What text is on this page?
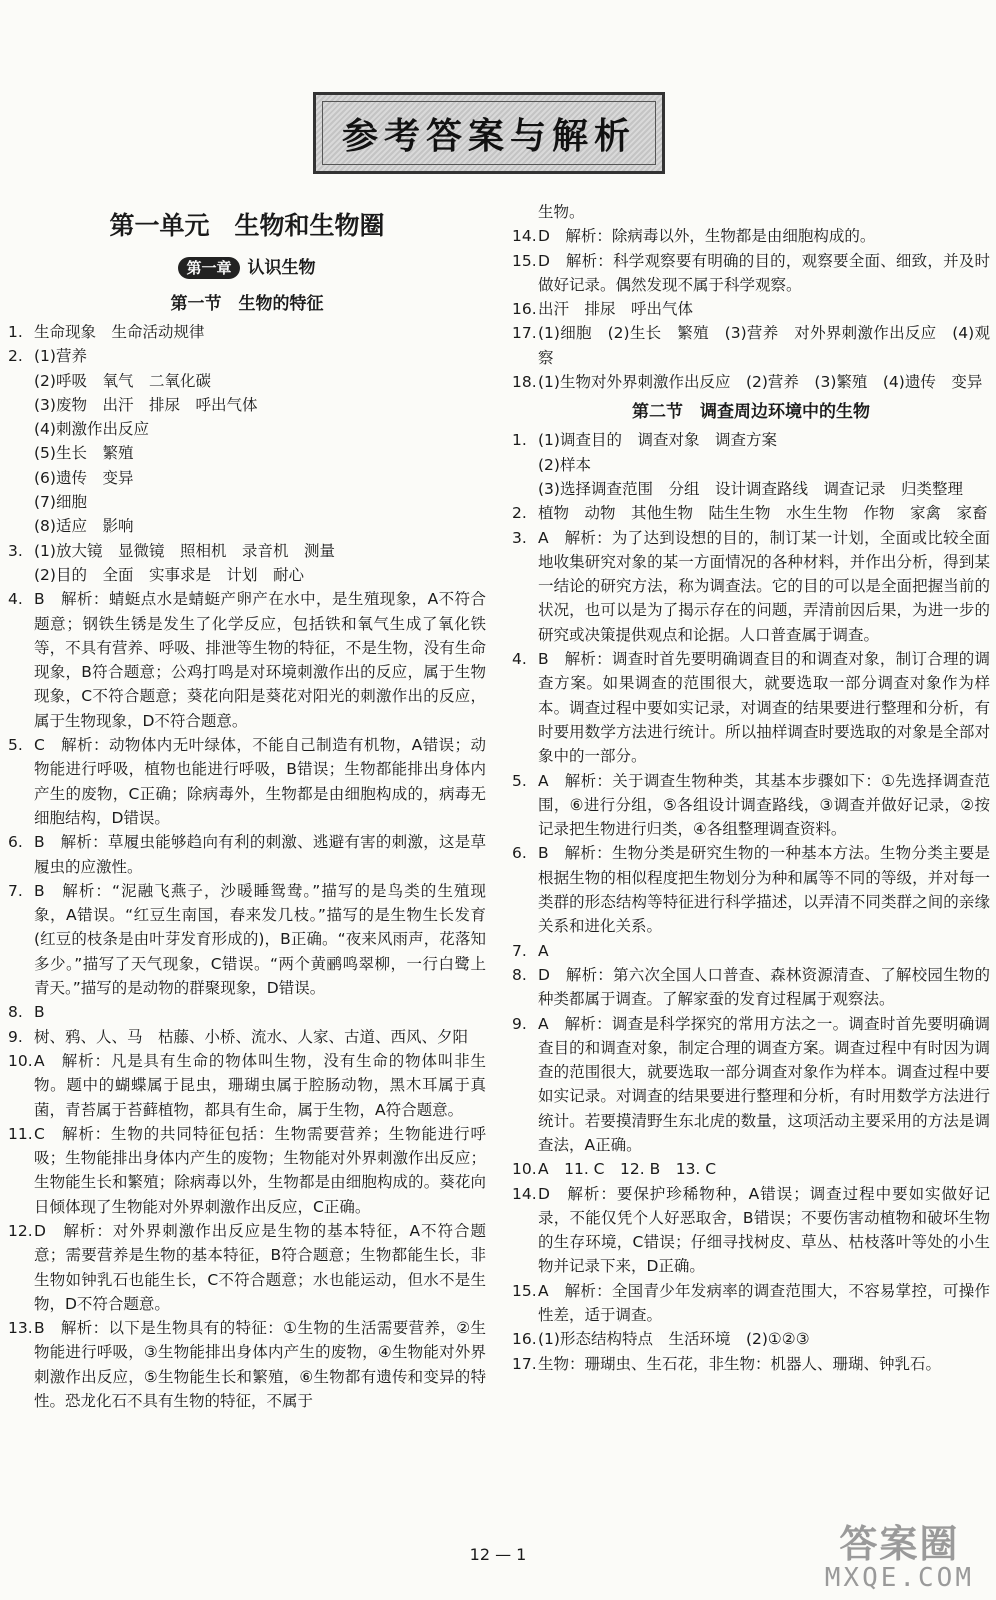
参考答案与解析
第一单元　生物和生物圈
第一章 认识生物
第一节　生物的特征
1. 生命现象　生命活动规律
2. (1)营养
(2)呼吸　氧气　二氧化碳
(3)废物　出汗　排尿　呼出气体
(4)刺激作出反应
(5)生长　繁殖
(6)遗传　变异
(7)细胞
(8)适应　影响
3. (1)放大镜　显微镜　照相机　录音机　测量
(2)目的　全面　实事求是　计划　耐心
4. B　解析：蜻蜓点水是蜻蜓产卵产在水中，是生殖现象，A不符合题意；钢铁生锈是发生了化学反应，包括铁和氧气生成了氧化铁等，不具有营养、呼吸、排泄等生物的特征，不是生物，没有生命现象，B符合题意；公鸡打鸣是对环境刺激作出的反应，属于生物现象，C不符合题意；葵花向阳是葵花对阳光的刺激作出的反应，属于生物现象，D不符合题意。
5. C　解析：动物体内无叶绿体，不能自己制造有机物，A错误；动物能进行呼吸，植物也能进行呼吸，B错误；生物都能排出身体内产生的废物，C正确；除病毒外，生物都是由细胞构成的，病毒无细胞结构，D错误。
6. B　解析：草履虫能够趋向有利的刺激、逃避有害的刺激，这是草履虫的应激性。
7. B　解析：“泥融飞燕子，沙暖睡鸳鸯。”描写的是鸟类的生殖现象，A错误。“红豆生南国，春来发几枝。”描写的是生物生长发育(红豆的枝条是由叶芽发育形成的)，B正确。“夜来风雨声，花落知多少。”描写了天气现象，C错误。“两个黄鹂鸣翠柳，一行白鹭上青天。”描写的是动物的群聚现象，D错误。
8. B
9. 树、鸦、人、马　枯藤、小桥、流水、人家、古道、西风、夕阳
10. A　解析：凡是具有生命的物体叫生物，没有生命的物体叫非生物。题中的蝴蝶属于昆虫，珊瑚虫属于腔肠动物，黑木耳属于真菌，青苔属于苔藓植物，都具有生命，属于生物，A符合题意。
11. C　解析：生物的共同特征包括：生物需要营养；生物能进行呼吸；生物能排出身体内产生的废物；生物能对外界刺激作出反应；生物能生长和繁殖；除病毒以外，生物都是由细胞构成的。葵花向日倾体现了生物能对外界刺激作出反应，C正确。
12. D　解析：对外界刺激作出反应是生物的基本特征，A不符合题意；需要营养是生物的基本特征，B符合题意；生物都能生长，非生物如钟乳石也能生长，C不符合题意；水也能运动，但水不是生物，D不符合题意。
13. B　解析：以下是生物具有的特征：①生物的生活需要营养，②生物能进行呼吸，③生物能排出身体内产生的废物，④生物能对外界刺激作出反应，⑤生物能生长和繁殖，⑥生物都有遗传和变异的特性。恐龙化石不具有生物的特征，不属于
生物。
14. D　解析：除病毒以外，生物都是由细胞构成的。
15. D　解析：科学观察要有明确的目的，观察要全面、细致，并及时做好记录。偶然发现不属于科学观察。
16. 出汗　排尿　呼出气体
17. (1)细胞　(2)生长　繁殖　(3)营养　对外界刺激作出反应　(4)观察
18. (1)生物对外界刺激作出反应　(2)营养　(3)繁殖　(4)遗传　变异
第二节　调查周边环境中的生物
1. (1)调查目的　调查对象　调查方案
(2)样本
(3)选择调查范围　分组　设计调查路线　调查记录　归类整理
2. 植物　动物　其他生物　陆生生物　水生生物　作物　家禽　家畜
3. A　解析：为了达到设想的目的，制订某一计划，全面或比较全面地收集研究对象的某一方面情况的各种材料，并作出分析，得到某一结论的研究方法，称为调查法。它的目的可以是全面把握当前的状况，也可以是为了揭示存在的问题，弄清前因后果，为进一步的研究或决策提供观点和论据。人口普查属于调查。
4. B　解析：调查时首先要明确调查目的和调查对象，制订合理的调查方案。如果调查的范围很大，就要选取一部分调查对象作为样本。调查过程中要如实记录，对调查的结果要进行整理和分析，有时要用数学方法进行统计。所以抽样调查时要选取的对象是全部对象中的一部分。
5. A　解析：关于调查生物种类，其基本步骤如下：①先选择调查范围，⑥进行分组，⑤各组设计调查路线，③调查并做好记录，②按记录把生物进行归类，④各组整理调查资料。
6. B　解析：生物分类是研究生物的一种基本方法。生物分类主要是根据生物的相似程度把生物划分为种和属等不同的等级，并对每一类群的形态结构等特征进行科学描述，以弄清不同类群之间的亲缘关系和进化关系。
7. A
8. D　解析：第六次全国人口普查、森林资源清查、了解校园生物的种类都属于调查。了解家蚕的发育过程属于观察法。
9. A　解析：调查是科学探究的常用方法之一。调查时首先要明确调查目的和调查对象，制定合理的调查方案。调查过程中有时因为调查的范围很大，就要选取一部分调查对象作为样本。调查过程中要如实记录。对调查的结果要进行整理和分析，有时用数学方法进行统计。若要摸清野生东北虎的数量，这项活动主要采用的方法是调查法，A正确。
10. A　11. C　12. B　13. C
14. D　解析：要保护珍稀物种，A错误；调查过程中要如实做好记录，不能仅凭个人好恶取舍，B错误；不要伤害动植物和破坏生物的生存环境，C错误；仔细寻找树皮、草丛、枯枝落叶等处的小生物并记录下来，D正确。
15. A　解析：全国青少年发病率的调查范围大，不容易掌控，可操作性差，适于调查。
16. (1)形态结构特点　生活环境　(2)①②③
17. 生物：珊瑚虫、生石花，非生物：机器人、珊瑚、钟乳石。
12 — 1	答案圈
MXQE.COM
